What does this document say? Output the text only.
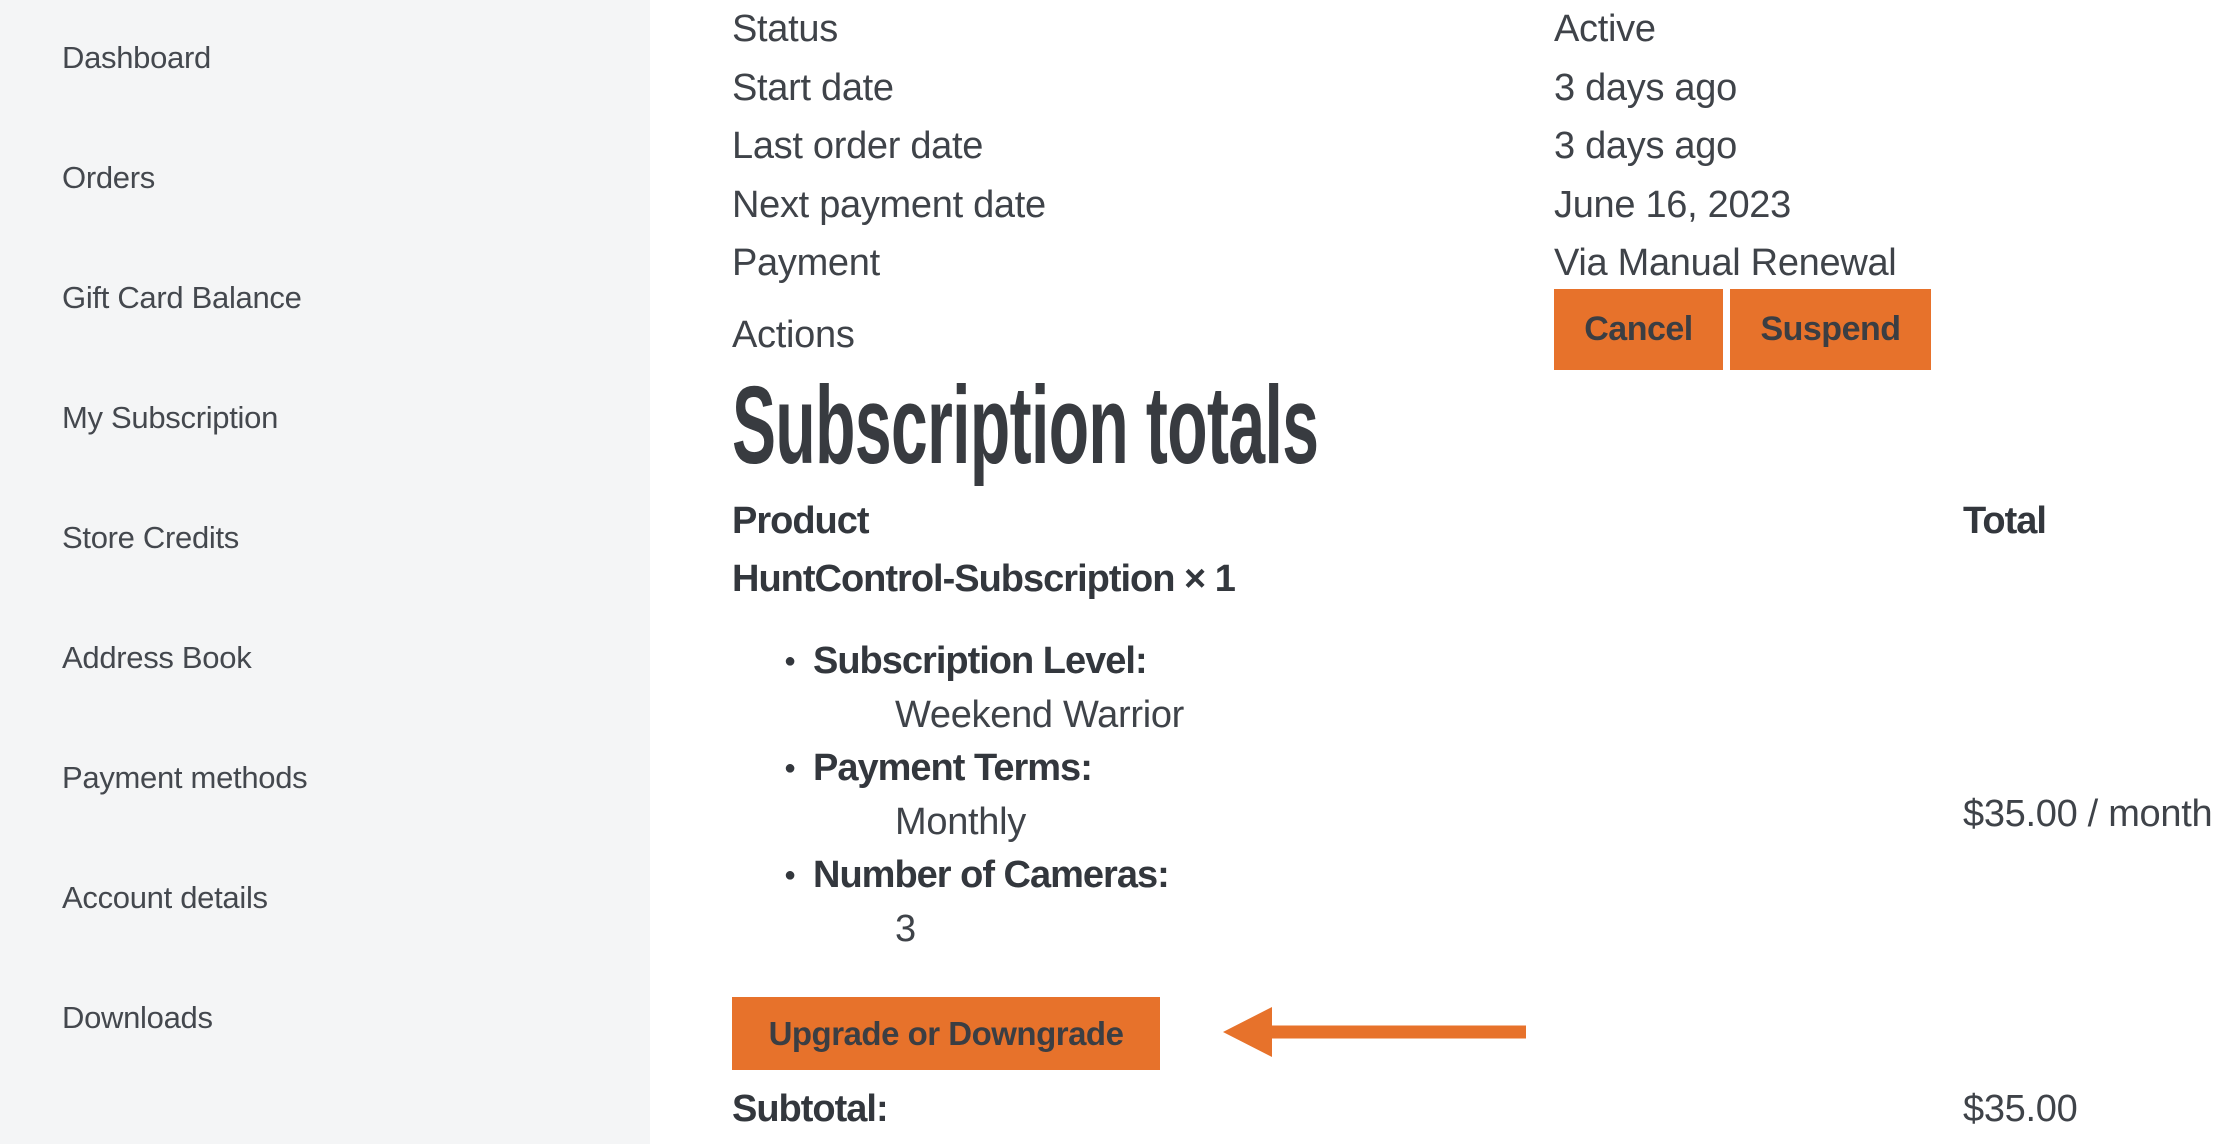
Dashboard
Orders
Gift Card Balance
My Subscription
Store Credits
Address Book
Payment methods
Account details
Downloads
Status	Active
Start date	3 days ago
Last order date	3 days ago
Next payment date	June 16, 2023
Payment	Via Manual Renewal
Actions	Cancel	Suspend
Subscription totals
Product	Total
HuntControl-Subscription × 1
● Subscription Level:
Weekend Warrior
● Payment Terms:
Monthly
● Number of Cameras:
3
$35.00 / month
Upgrade or Downgrade
Subtotal:	$35.00
